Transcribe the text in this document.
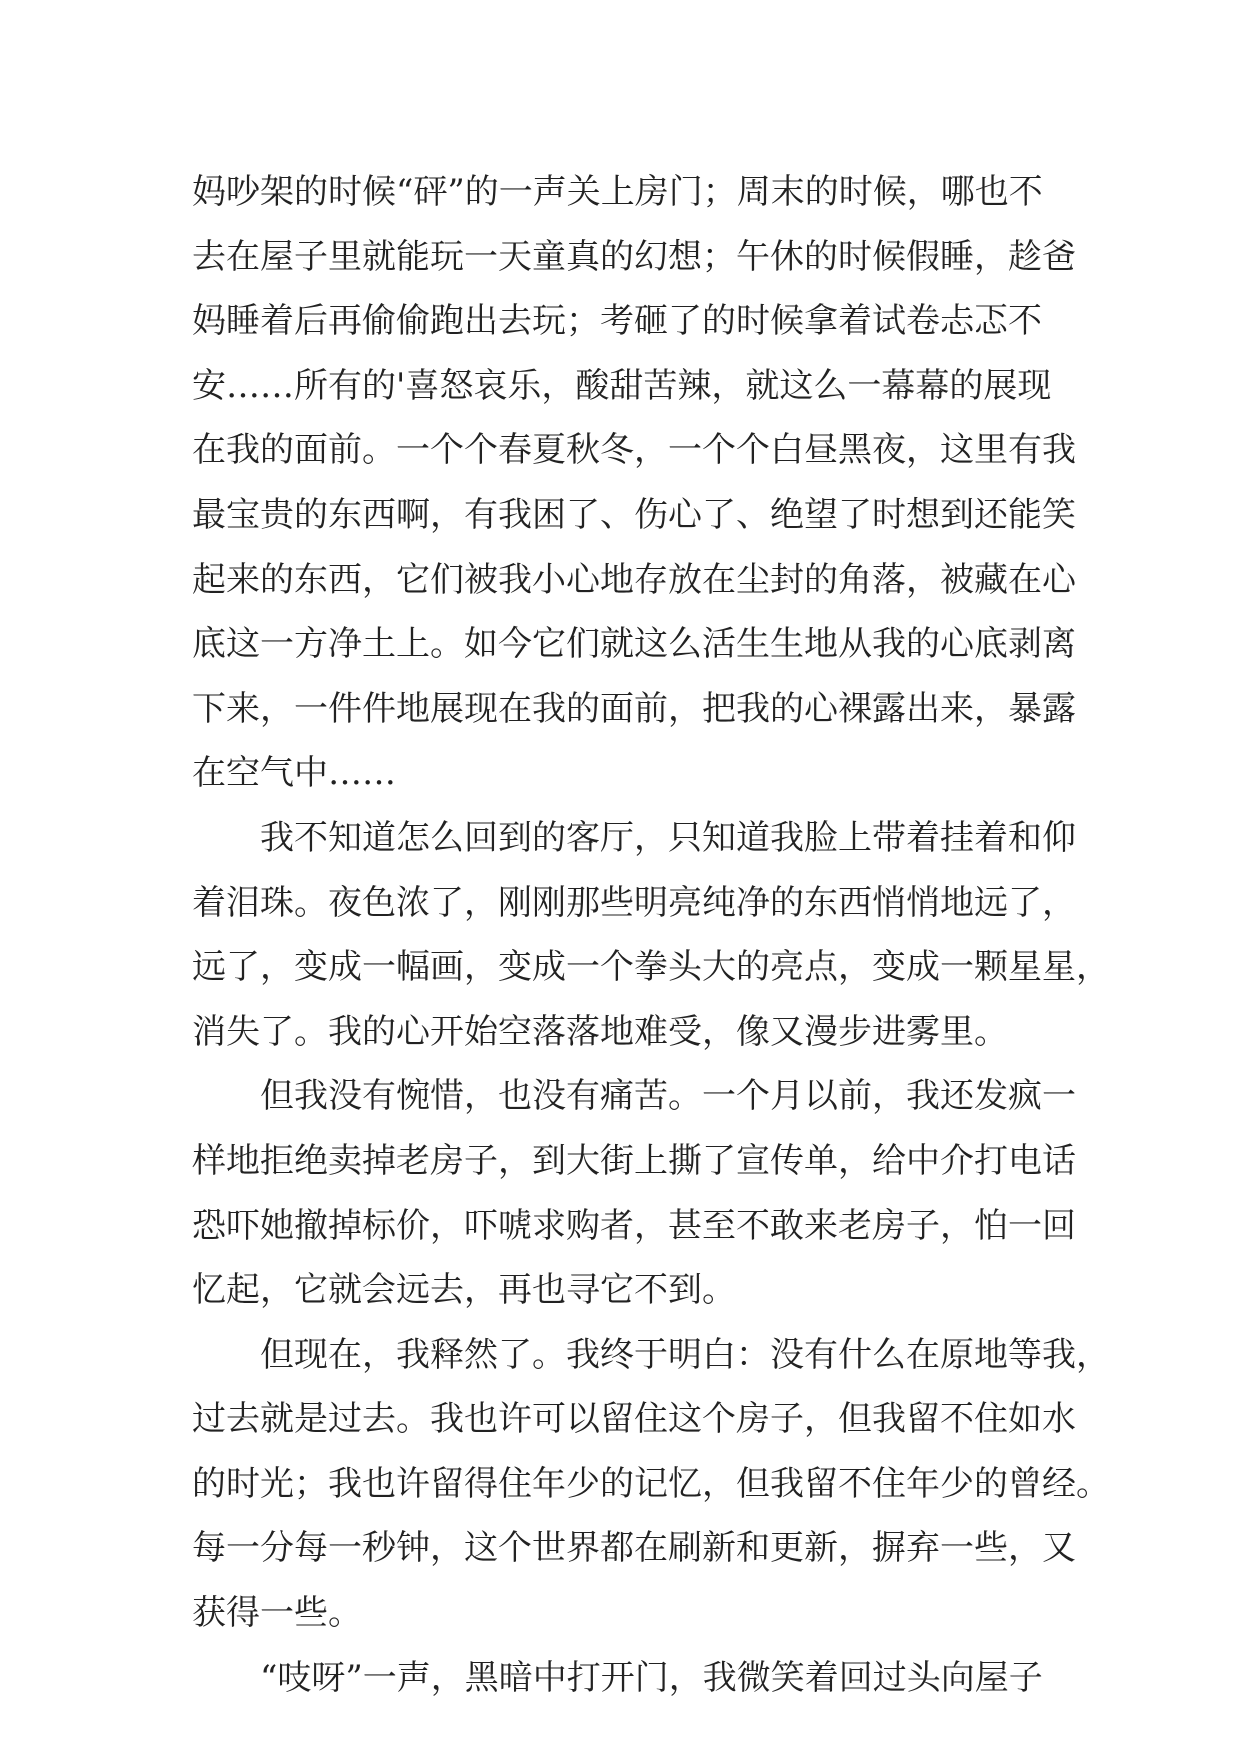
妈吵架的时候“砰”的一声关上房门；周末的时候，哪也不
去在屋子里就能玩一天童真的幻想；午休的时候假睡，趁爸
妈睡着后再偷偷跑出去玩；考砸了的时候拿着试卷忐忑不
安……所有的'喜怒哀乐，酸甜苦辣，就这么一幕幕的展现
在我的面前。一个个春夏秋冬，一个个白昼黑夜，这里有我
最宝贵的东西啊，有我困了、伤心了、绝望了时想到还能笑
起来的东西，它们被我小心地存放在尘封的角落，被藏在心
底这一方净土上。如今它们就这么活生生地从我的心底剥离
下来，一件件地展现在我的面前，把我的心裸露出来，暴露
在空气中……
我不知道怎么回到的客厅，只知道我脸上带着挂着和仰
着泪珠。夜色浓了，刚刚那些明亮纯净的东西悄悄地远了，
远了，变成一幅画，变成一个拳头大的亮点，变成一颗星星，
消失了。我的心开始空落落地难受，像又漫步进雾里。
但我没有惋惜，也没有痛苦。一个月以前，我还发疯一
样地拒绝卖掉老房子，到大街上撕了宣传单，给中介打电话
恐吓她撤掉标价，吓唬求购者，甚至不敢来老房子，怕一回
忆起，它就会远去，再也寻它不到。
但现在，我释然了。我终于明白：没有什么在原地等我，
过去就是过去。我也许可以留住这个房子，但我留不住如水
的时光；我也许留得住年少的记忆，但我留不住年少的曾经。
每一分每一秒钟，这个世界都在刷新和更新，摒弃一些，又
获得一些。
“吱呀”一声，黑暗中打开门，我微笑着回过头向屋子
